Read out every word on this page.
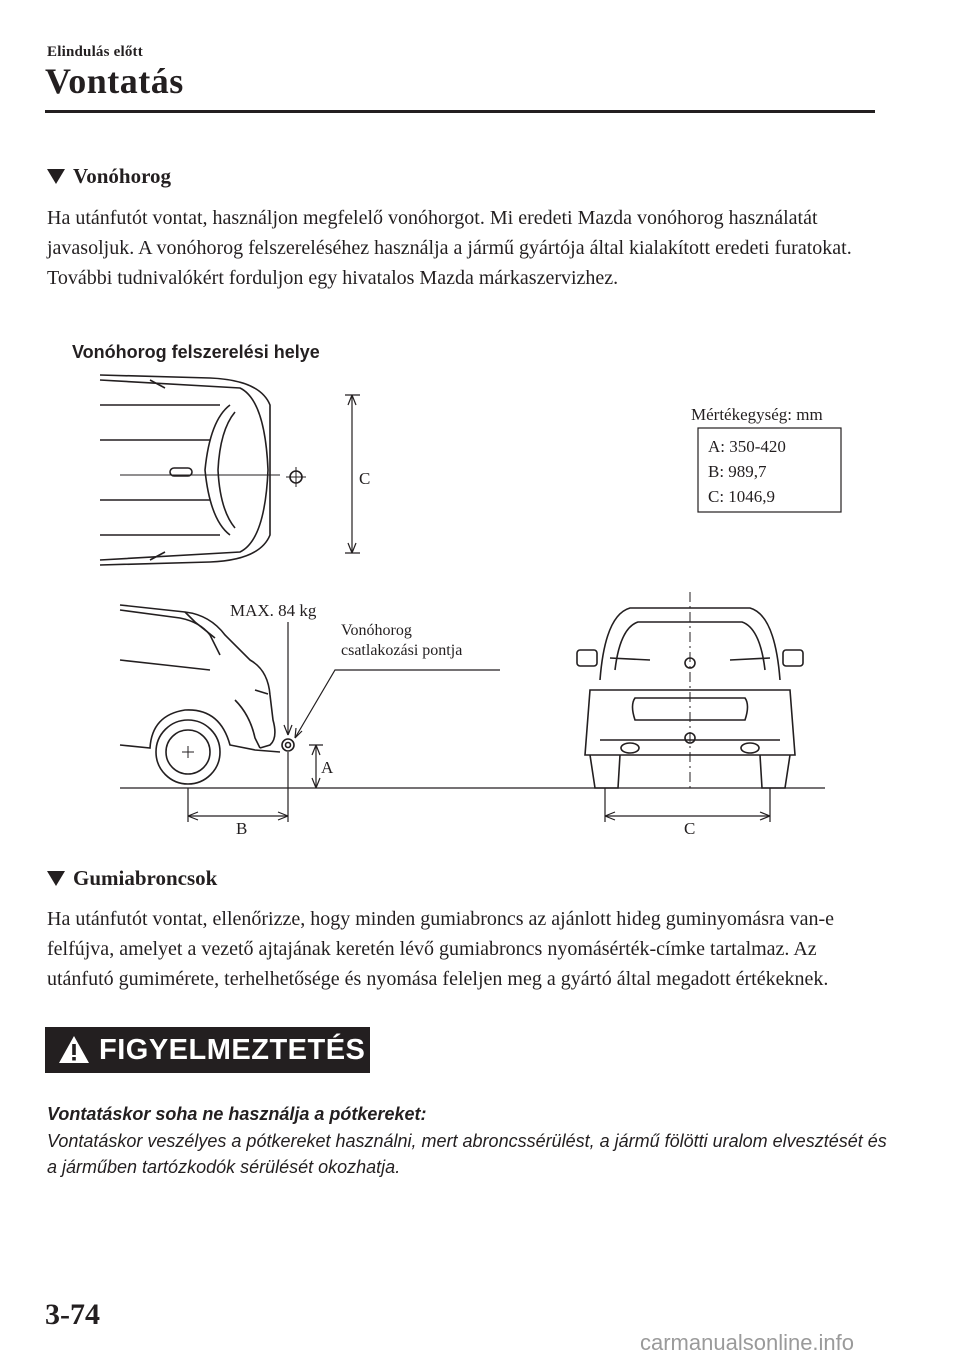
Elindulás előtt
Vontatás
Vonóhorog
Ha utánfutót vontat, használjon megfelelő vonóhorgot. Mi eredeti Mazda vonóhorog használatát javasoljuk. A vonóhorog felszereléséhez használja a jármű gyártója által kialakított eredeti furatokat. További tudnivalókért forduljon egy hivatalos Mazda márkaszervizhez.
Vonóhorog felszerelési helye
C
Mértékegység: mm
A: 350-420
B: 989,7
C: 1046,9
MAX. 84 kg
Vonóhorog
csatlakozási pontja
A
B	C
Gumiabroncsok
Ha utánfutót vontat, ellenőrizze, hogy minden gumiabroncs az ajánlott hideg guminyomásra van-e felfújva, amelyet a vezető ajtajának keretén lévő gumiabroncs nyomásérték-címke tartalmaz. Az utánfutó gumimérete, terhelhetősége és nyomása feleljen meg a gyártó által megadott értékeknek.
FIGYELMEZTETÉS
Vontatáskor soha ne használja a pótkereket:
Vontatáskor veszélyes a pótkereket használni, mert abroncssérülést, a jármű fölötti uralom elvesztését és a járműben tartózkodók sérülését okozhatja.
3-74
carmanualsonline.info
